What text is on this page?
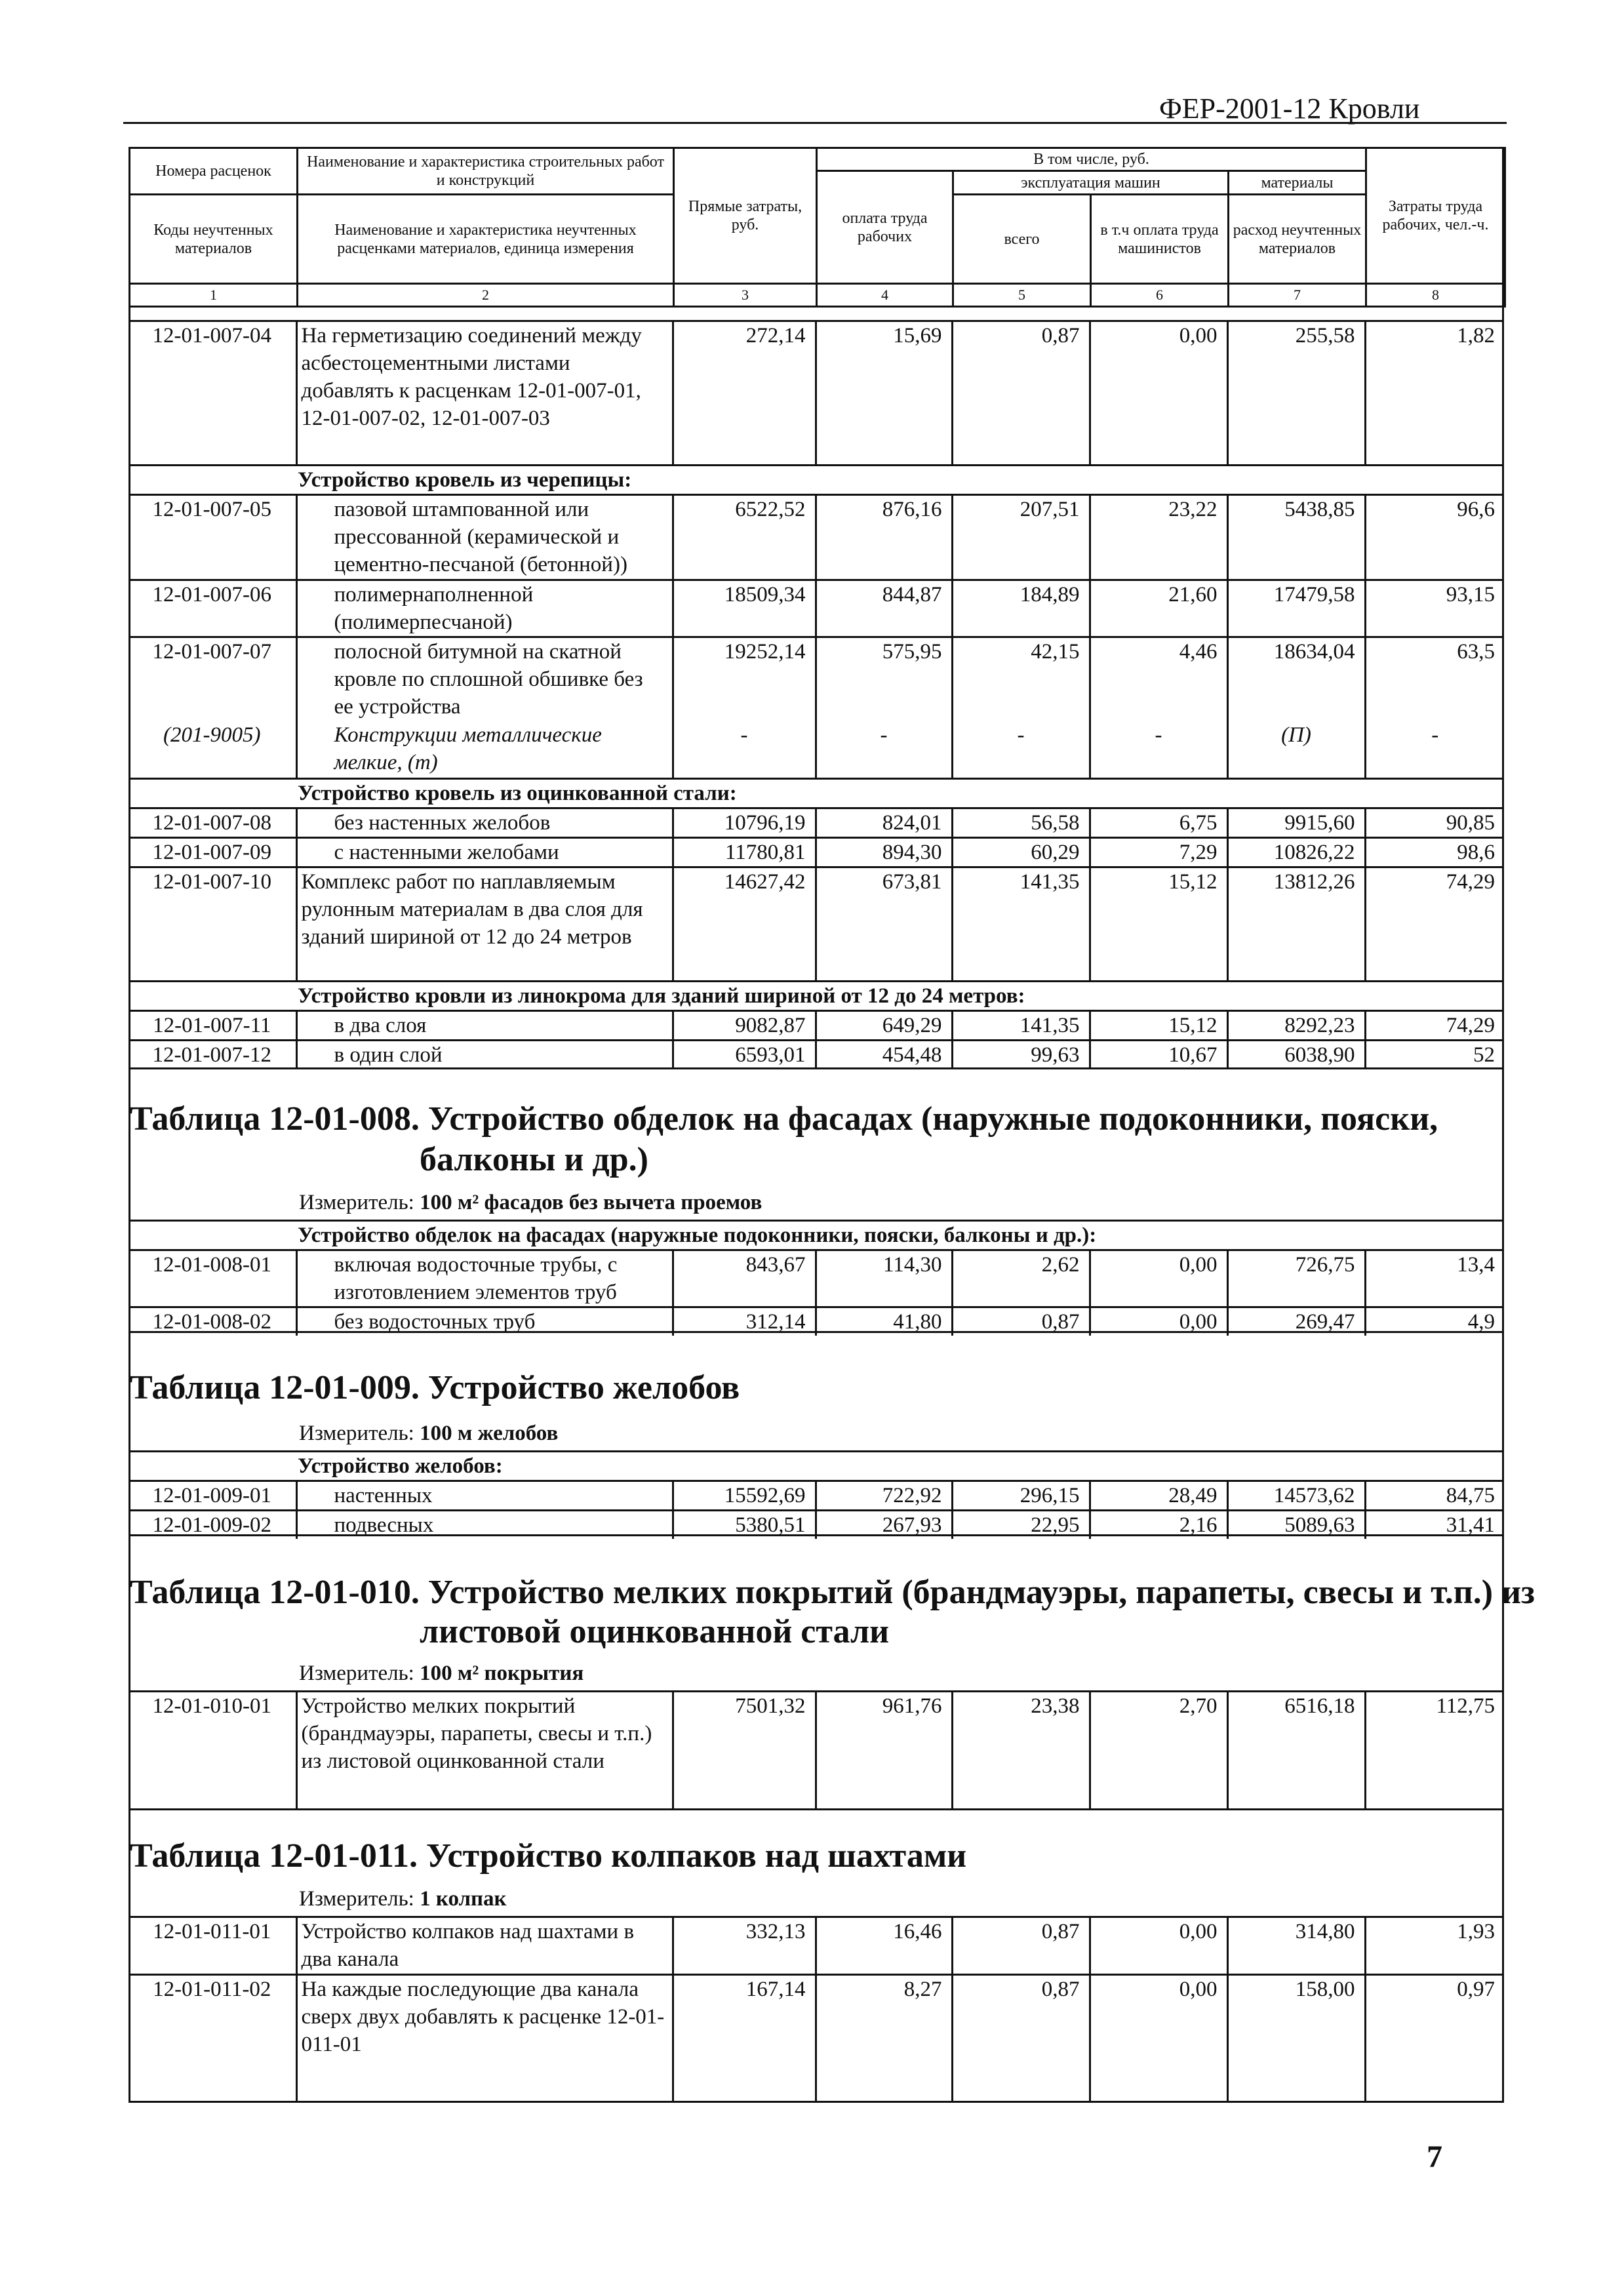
ФЕР-2001-12 Кровли
Номера расценок	Наименование и характеристика строительных работ и конструкций	Прямые затраты, руб.	В том числе, руб.				Затраты труда рабочих, чел.-ч.
			оплата труда рабочих	эксплуатация машин		материалы	
Коды неучтенных материалов	Наименование и характеристика неучтенных расценками материалов, единица измерения			всего	в т.ч оплата труда машинистов	расход неучтенных материалов	

1	2	3	4	5	6	7	8
12-01-007-04	На герметизацию соединений между асбестоцементными листами добавлять к расценкам 12-01-007-01, 12-01-007-02, 12-01-007-03	272,14	15,69	0,87	0,00	255,58	1,82
Устройство кровель из черепицы:							
12-01-007-05	пазовой штампованной или прессованной (керамической и цементно-песчаной (бетонной))	6522,52	876,16	207,51	23,22	5438,85	96,6
12-01-007-06	полимернаполненной (полимерпесчаной)	18509,34	844,87	184,89	21,60	17479,58	93,15
12-01-007-07	полосной битумной на скатной кровле по сплошной обшивке без ее устройства	19252,14	575,95	42,15	4,46	18634,04	63,5
(201-9005)	Конструкции металлические мелкие, (т)	-	-	-	-	(П)	-
Устройство кровель из оцинкованной стали:							
12-01-007-08	без настенных желобов	10796,19	824,01	56,58	6,75	9915,60	90,85
12-01-007-09	с настенными желобами	11780,81	894,30	60,29	7,29	10826,22	98,6
12-01-007-10	Комплекс работ по наплавляемым рулонным материалам в два слоя для зданий шириной от 12 до 24 метров	14627,42	673,81	141,35	15,12	13812,26	74,29
Устройство кровли из линокрома для зданий шириной от 12 до 24 метров:							
12-01-007-11	в два слоя	9082,87	649,29	141,35	15,12	8292,23	74,29
12-01-007-12	в один слой	6593,01	454,48	99,63	10,67	6038,90	52
Таблица 12-01-008. Устройство обделок на фасадах (наружные подоконники, пояски,
балконы и др.)
Измеритель: 100 м² фасадов без вычета проемов
Устройство обделок на фасадах (наружные подоконники, пояски, балконы и др.):							
12-01-008-01	включая водосточные трубы, с изготовлением элементов труб	843,67	114,30	2,62	0,00	726,75	13,4
12-01-008-02	без водосточных труб	312,14	41,80	0,87	0,00	269,47	4,9
Таблица 12-01-009. Устройство желобов
Измеритель: 100 м желобов
Устройство желобов:							
12-01-009-01	настенных	15592,69	722,92	296,15	28,49	14573,62	84,75
12-01-009-02	подвесных	5380,51	267,93	22,95	2,16	5089,63	31,41
Таблица 12-01-010. Устройство мелких покрытий (брандмауэры, парапеты, свесы и т.п.) из
листовой оцинкованной стали
Измеритель: 100 м² покрытия
12-01-010-01	Устройство мелких покрытий (брандмауэры, парапеты, свесы и т.п.) из листовой оцинкованной стали	7501,32	961,76	23,38	2,70	6516,18	112,75
Таблица 12-01-011. Устройство колпаков над шахтами
Измеритель: 1 колпак
12-01-011-01	Устройство колпаков над шахтами в два канала	332,13	16,46	0,87	0,00	314,80	1,93
12-01-011-02	На каждые последующие два канала сверх двух добавлять к расценке 12-01-011-01	167,14	8,27	0,87	0,00	158,00	0,97
7
